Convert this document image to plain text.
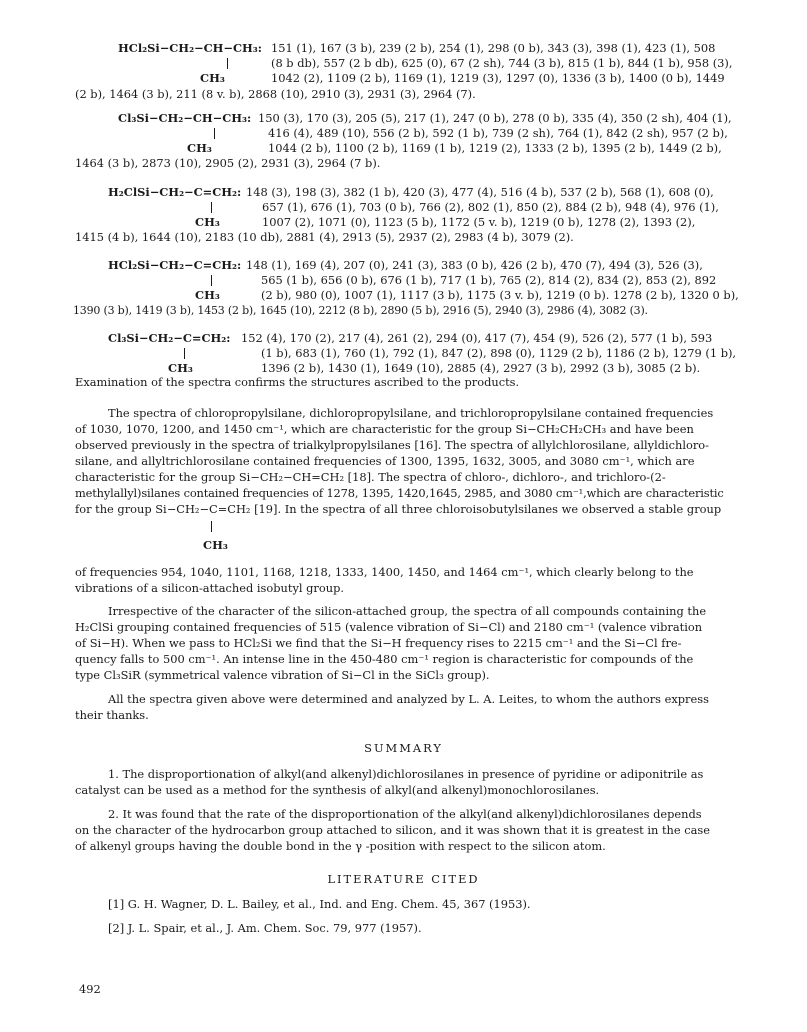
HCl₂Si−CH₂−CH−CH₃: 151 (1), 167 (3 b), 239 (2 b), 254 (1), 298 (0 b), 343 (3), 398 (1), 423 (1), 508
(8 b db), 557 (2 b db), 625 (0), 67 (2 sh), 744 (3 b), 815 (1 b), 844 (1 b), 958 (3),
CH₃	1042 (2), 1109 (2 b), 1169 (1), 1219 (3), 1297 (0), 1336 (3 b), 1400 (0 b), 1449
(2 b), 1464 (3 b), 211 (8 v. b), 2868 (10), 2910 (3), 2931 (3), 2964 (7).
Cl₃Si−CH₂−CH−CH₃: 150 (3), 170 (3), 205 (5), 217 (1), 247 (0 b), 278 (0 b), 335 (4), 350 (2 sh), 404 (1),
416 (4), 489 (10), 556 (2 b), 592 (1 b), 739 (2 sh), 764 (1), 842 (2 sh), 957 (2 b),
CH₃	1044 (2 b), 1100 (2 b), 1169 (1 b), 1219 (2), 1333 (2 b), 1395 (2 b), 1449 (2 b),
1464 (3 b), 2873 (10), 2905 (2), 2931 (3), 2964 (7 b).
H₂ClSi−CH₂−C=CH₂: 148 (3), 198 (3), 382 (1 b), 420 (3), 477 (4), 516 (4 b), 537 (2 b), 568 (1), 608 (0),
657 (1), 676 (1), 703 (0 b), 766 (2), 802 (1), 850 (2), 884 (2 b), 948 (4), 976 (1),
CH₃	1007 (2), 1071 (0), 1123 (5 b), 1172 (5 v. b), 1219 (0 b), 1278 (2), 1393 (2),
1415 (4 b), 1644 (10), 2183 (10 db), 2881 (4), 2913 (5), 2937 (2), 2983 (4 b), 3079 (2).
HCl₂Si−CH₂−C=CH₂: 148 (1), 169 (4), 207 (0), 241 (3), 383 (0 b), 426 (2 b), 470 (7), 494 (3), 526 (3),
565 (1 b), 656 (0 b), 676 (1 b), 717 (1 b), 765 (2), 814 (2), 834 (2), 853 (2), 892
CH₃	(2 b), 980 (0), 1007 (1), 1117 (3 b), 1175 (3 v. b), 1219 (0 b). 1278 (2 b), 1320 0 b),
1390 (3 b), 1419 (3 b), 1453 (2 b), 1645 (10), 2212 (8 b), 2890 (5 b), 2916 (5), 2940 (3), 2986 (4), 3082 (3).
Cl₃Si−CH₂−C=CH₂: 152 (4), 170 (2), 217 (4), 261 (2), 294 (0), 417 (7), 454 (9), 526 (2), 577 (1 b), 593
(1 b), 683 (1), 760 (1), 792 (1), 847 (2), 898 (0), 1129 (2 b), 1186 (2 b), 1279 (1 b),
CH₃	1396 (2 b), 1430 (1), 1649 (10), 2885 (4), 2927 (3 b), 2992 (3 b), 3085 (2 b).
Examination of the spectra confirms the structures ascribed to the products.
The spectra of chloropropylsilane, dichloropropylsilane, and trichloropropylsilane contained frequencies
of 1030, 1070, 1200, and 1450 cm⁻¹, which are characteristic for the group Si−CH₂CH₂CH₃ and have been
observed previously in the spectra of trialkylpropylsilanes [16]. The spectra of allylchlorosilane, allyldichloro-
silane, and allyltrichlorosilane contained frequencies of 1300, 1395, 1632, 3005, and 3080 cm⁻¹, which are
characteristic for the group Si−CH₂−CH=CH₂ [18]. The spectra of chloro-, dichloro-, and trichloro-(2-
methylallyl)silanes contained frequencies of 1278, 1395, 1420,1645, 2985, and 3080 cm⁻¹,which are characteristic
for the group Si−CH₂−C=CH₂ [19]. In the spectra of all three chloroisobutylsilanes we observed a stable group
CH₃
of frequencies 954, 1040, 1101, 1168, 1218, 1333, 1400, 1450, and 1464 cm⁻¹, which clearly belong to the
vibrations of a silicon-attached isobutyl group.
Irrespective of the character of the silicon-attached group, the spectra of all compounds containing the
H₂ClSi grouping contained frequencies of 515 (valence vibration of Si−Cl) and 2180 cm⁻¹ (valence vibration
of Si−H). When we pass to HCl₂Si we find that the Si−H frequency rises to 2215 cm⁻¹ and the Si−Cl fre-
quency falls to 500 cm⁻¹. An intense line in the 450-480 cm⁻¹ region is characteristic for compounds of the
type Cl₃SiR (symmetrical valence vibration of Si−Cl in the SiCl₃ group).
All the spectra given above were determined and analyzed by L. A. Leites, to whom the authors express
their thanks.
SUMMARY
1. The disproportionation of alkyl(and alkenyl)dichlorosilanes in presence of pyridine or adiponitrile as
catalyst can be used as a method for the synthesis of alkyl(and alkenyl)monochlorosilanes.
2. It was found that the rate of the disproportionation of the alkyl(and alkenyl)dichlorosilanes depends
on the character of the hydrocarbon group attached to silicon, and it was shown that it is greatest in the case
of alkenyl groups having the double bond in the γ -position with respect to the silicon atom.
LITERATURE CITED
[1] G. H. Wagner, D. L. Bailey, et al., Ind. and Eng. Chem. 45, 367 (1953).
[2] J. L. Spair, et al., J. Am. Chem. Soc. 79, 977 (1957).
492
